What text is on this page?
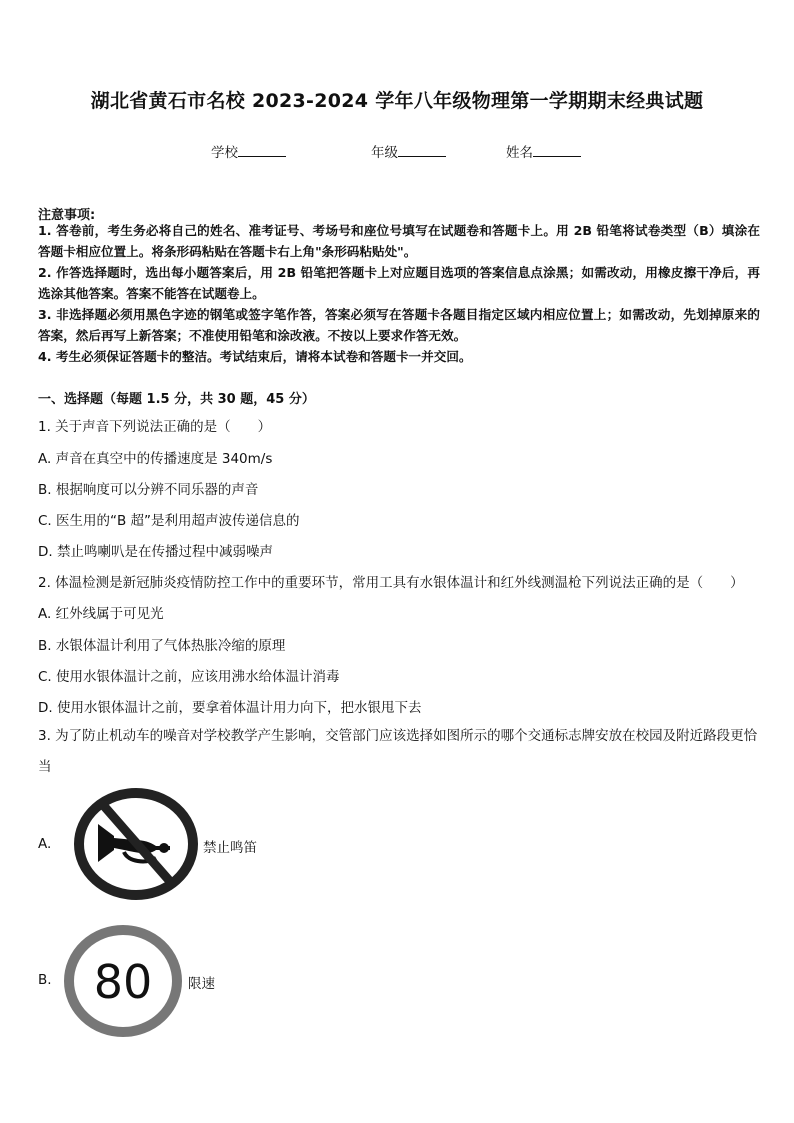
湖北省黄石市名校 2023-2024 学年八年级物理第一学期期末经典试题
学校	年级	姓名
注意事项:
1. 答卷前，考生务必将自己的姓名、准考证号、考场号和座位号填写在试题卷和答题卡上。用 2B 铅笔将试卷类型（B）填涂在答题卡相应位置上。将条形码粘贴在答题卡右上角"条形码粘贴处"。
2. 作答选择题时，选出每小题答案后，用 2B 铅笔把答题卡上对应题目选项的答案信息点涂黑；如需改动，用橡皮擦干净后，再选涂其他答案。答案不能答在试题卷上。
3. 非选择题必须用黑色字迹的钢笔或签字笔作答，答案必须写在答题卡各题目指定区域内相应位置上；如需改动，先划掉原来的答案，然后再写上新答案；不准使用铅笔和涂改液。不按以上要求作答无效。
4. 考生必须保证答题卡的整洁。考试结束后，请将本试卷和答题卡一并交回。
一、选择题（每题 1.5 分，共 30 题，45 分）
1. 关于声音下列说法正确的是（　　）
A. 声音在真空中的传播速度是 340m/s
B. 根据响度可以分辨不同乐器的声音
C. 医生用的“B 超”是利用超声波传递信息的
D. 禁止鸣喇叭是在传播过程中减弱噪声
2. 体温检测是新冠肺炎疫情防控工作中的重要环节，常用工具有水银体温计和红外线测温枪下列说法正确的是（　　）
A. 红外线属于可见光
B. 水银体温计利用了气体热胀冷缩的原理
C. 使用水银体温计之前，应该用沸水给体温计消毒
D. 使用水银体温计之前，要拿着体温计用力向下，把水银甩下去
3. 为了防止机动车的噪音对学校教学产生影响，交管部门应该选择如图所示的哪个交通标志牌安放在校园及附近路段更恰当
A.	禁止鸣笛
B. 80	限速
